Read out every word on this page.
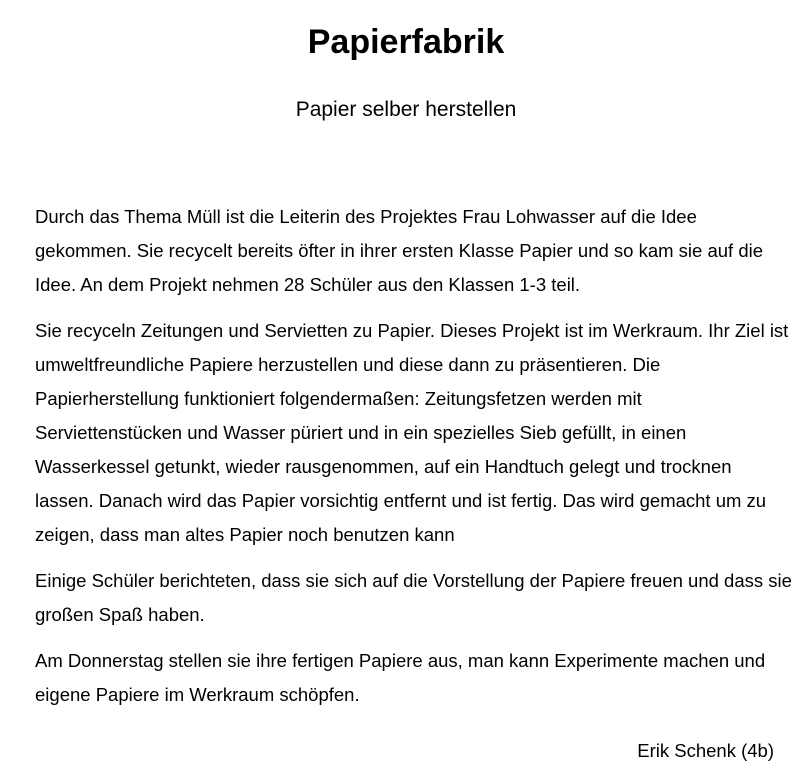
Papierfabrik
Papier selber herstellen

Durch das Thema Müll ist die Leiterin des Projektes Frau Lohwasser auf die Idee gekommen. Sie recycelt bereits öfter in ihrer ersten Klasse Papier und so kam sie auf die Idee. An dem Projekt nehmen 28 Schüler aus den Klassen 1-3 teil.

Sie recyceln Zeitungen und Servietten zu Papier. Dieses Projekt ist im Werkraum. Ihr Ziel ist umweltfreundliche Papiere herzustellen und diese dann zu präsentieren. Die Papierherstellung funktioniert folgendermaßen: Zeitungsfetzen werden mit Serviettenstücken und Wasser püriert und in ein spezielles Sieb gefüllt, in einen Wasserkessel getunkt, wieder rausgenommen, auf ein Handtuch gelegt und trocknen lassen. Danach wird das Papier vorsichtig entfernt und ist fertig. Das wird gemacht um zu zeigen, dass man altes Papier noch benutzen kann

Einige Schüler berichteten, dass sie sich auf die Vorstellung der Papiere freuen und dass sie großen Spaß haben.

Am Donnerstag stellen sie ihre fertigen Papiere aus, man kann Experimente machen und eigene Papiere im Werkraum schöpfen.

Erik Schenk (4b)
